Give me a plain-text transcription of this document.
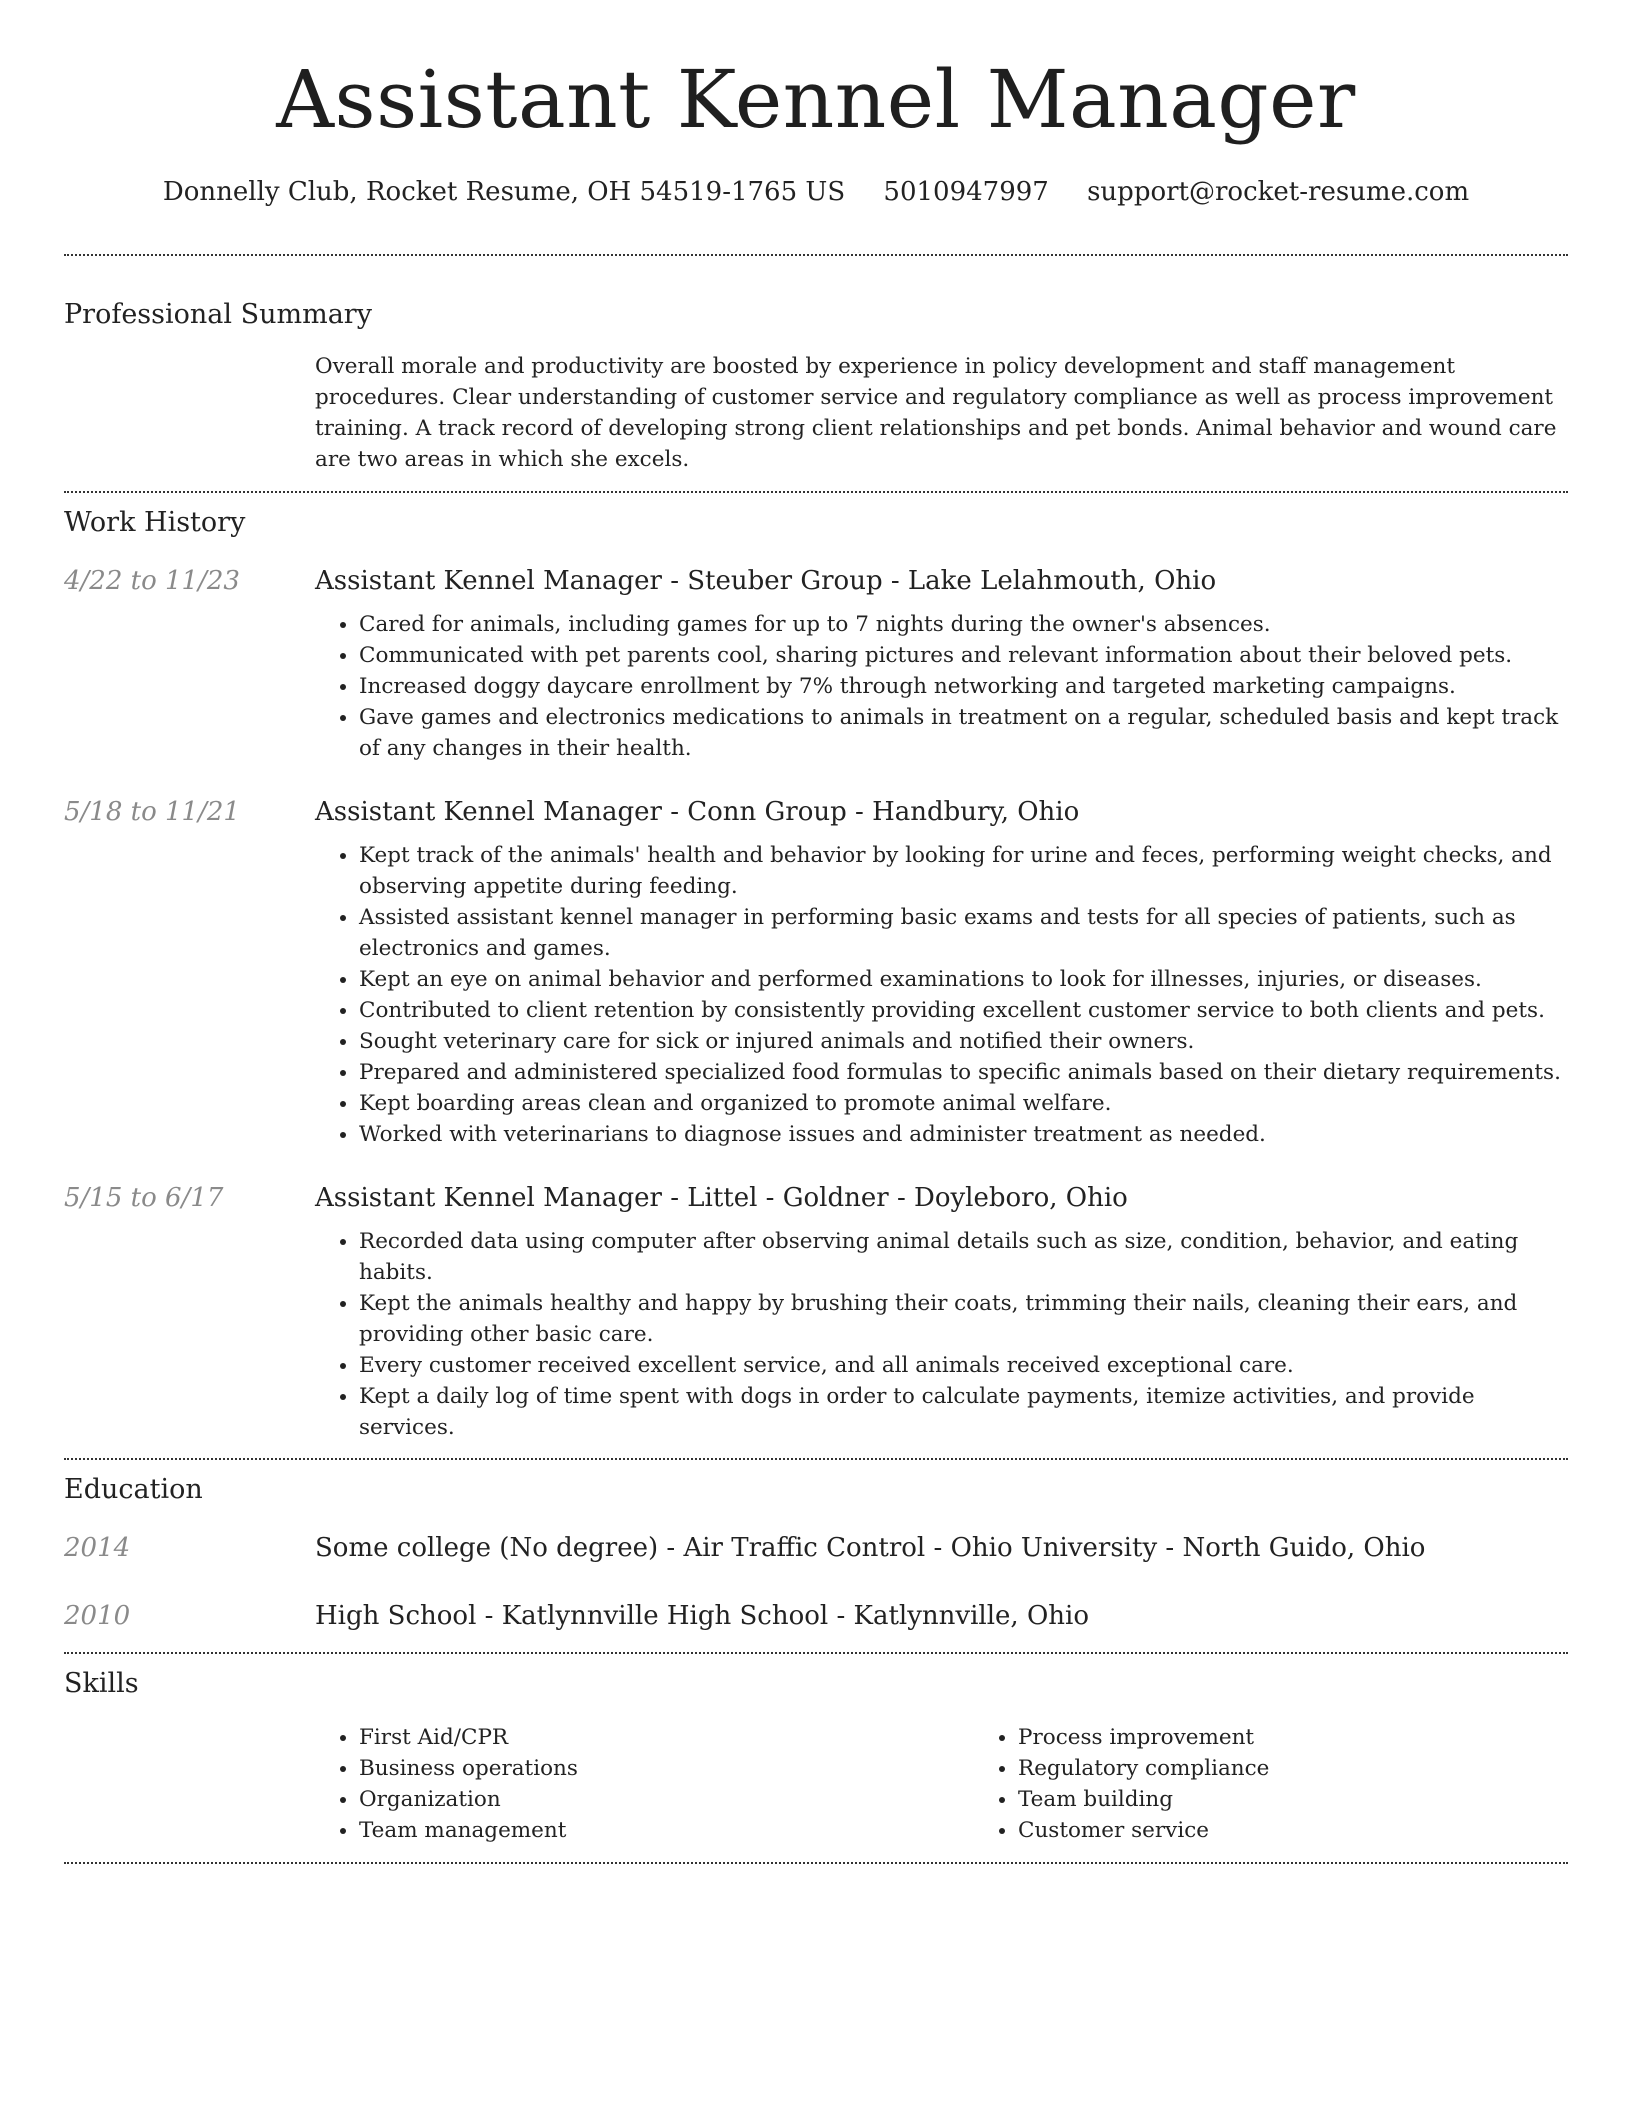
Assistant Kennel Manager
Donnelly Club, Rocket Resume, OH 54519-1765 US 5010947997 support@rocket-resume.com
Professional Summary

Overall morale and productivity are boosted by experience in policy development and staff management procedures. Clear understanding of customer service and regulatory compliance as well as process improvement training. A track record of developing strong client relationships and pet bonds. Animal behavior and wound care are two areas in which she excels.

Work History
4/22 to 11/23	Assistant Kennel Manager - Steuber Group - Lake Lelahmouth, Ohio
• Cared for animals, including games for up to 7 nights during the owner's absences.
• Communicated with pet parents cool, sharing pictures and relevant information about their beloved pets.
• Increased doggy daycare enrollment by 7% through networking and targeted marketing campaigns.
• Gave games and electronics medications to animals in treatment on a regular, scheduled basis and kept track of any changes in their health.
5/18 to 11/21	Assistant Kennel Manager - Conn Group - Handbury, Ohio
• Kept track of the animals' health and behavior by looking for urine and feces, performing weight checks, and observing appetite during feeding.
• Assisted assistant kennel manager in performing basic exams and tests for all species of patients, such as electronics and games.
• Kept an eye on animal behavior and performed examinations to look for illnesses, injuries, or diseases.
• Contributed to client retention by consistently providing excellent customer service to both clients and pets.
• Sought veterinary care for sick or injured animals and notified their owners.
• Prepared and administered specialized food formulas to specific animals based on their dietary requirements.
• Kept boarding areas clean and organized to promote animal welfare.
• Worked with veterinarians to diagnose issues and administer treatment as needed.
5/15 to 6/17	Assistant Kennel Manager - Littel - Goldner - Doyleboro, Ohio
• Recorded data using computer after observing animal details such as size, condition, behavior, and eating habits.
• Kept the animals healthy and happy by brushing their coats, trimming their nails, cleaning their ears, and providing other basic care.
• Every customer received excellent service, and all animals received exceptional care.
• Kept a daily log of time spent with dogs in order to calculate payments, itemize activities, and provide services.
Education
2014	Some college (No degree) - Air Traffic Control - Ohio University - North Guido, Ohio
2010	High School - Katlynnville High School - Katlynnville, Ohio
Skills
• First Aid/CPR
• Business operations
• Organization
• Team management
• Process improvement
• Regulatory compliance
• Team building
• Customer service
